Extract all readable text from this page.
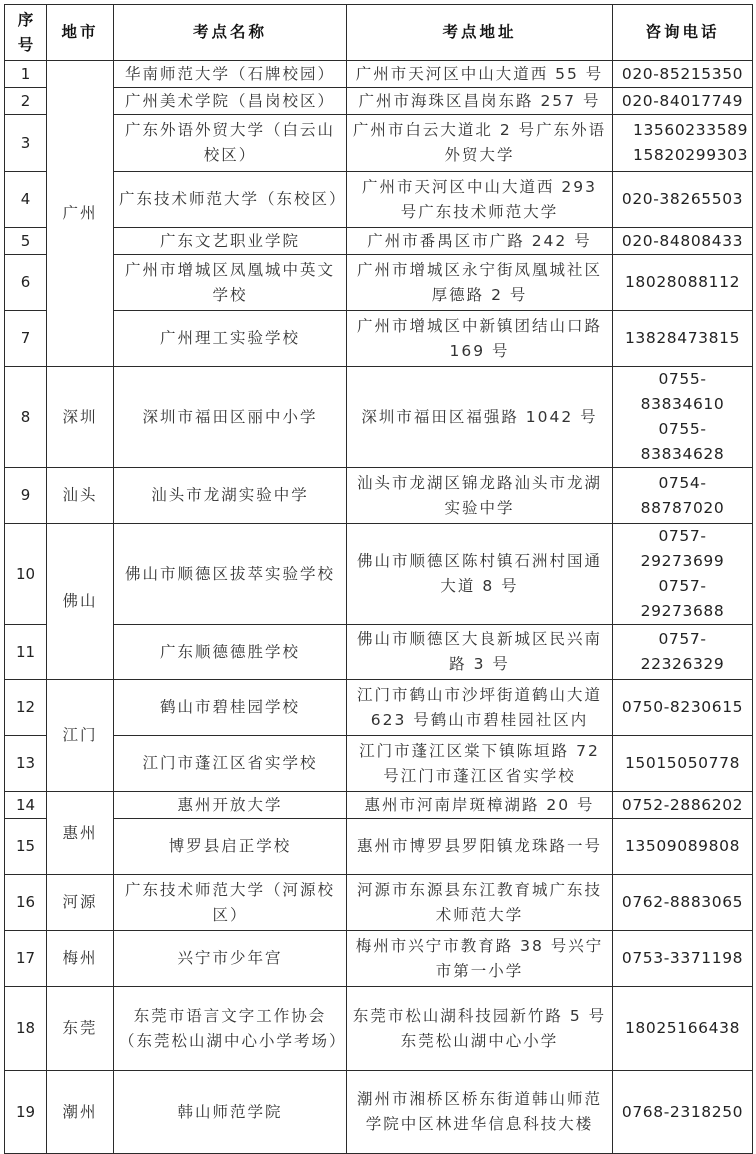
序号	地市	考点名称	考点地址	咨询电话
1	广州	华南师范大学（石牌校园）	广州市天河区中山大道西 55 号	020-85215350
2		广州美术学院（昌岗校区）	广州市海珠区昌岗东路 257 号	020-84017749
3		广东外语外贸大学（白云山校区）	广州市白云大道北 2 号广东外语外贸大学	13560233589 15820299303
4		广东技术师范大学（东校区）	广州市天河区中山大道西 293 号广东技术师范大学	020-38265503
5		广东文艺职业学院	广州市番禺区市广路 242 号	020-84808433
6		广州市增城区凤凰城中英文学校	广州市增城区永宁街凤凰城社区厚德路 2 号	18028088112
7		广州理工实验学校	广州市增城区中新镇团结山口路 169 号	13828473815
8	深圳	深圳市福田区丽中小学	深圳市福田区福强路 1042 号	0755-83834610 0755-83834628
9	汕头	汕头市龙湖实验中学	汕头市龙湖区锦龙路汕头市龙湖实验中学	0754-88787020
10	佛山	佛山市顺德区拔萃实验学校	佛山市顺德区陈村镇石洲村国通大道 8 号	0757-29273699 0757-29273688
11		广东顺德德胜学校	佛山市顺德区大良新城区民兴南路 3 号	0757-22326329
12	江门	鹤山市碧桂园学校	江门市鹤山市沙坪街道鹤山大道 623 号鹤山市碧桂园社区内	0750-8230615
13		江门市蓬江区省实学校	江门市蓬江区棠下镇陈垣路 72 号江门市蓬江区省实学校	15015050778
14	惠州	惠州开放大学	惠州市河南岸斑樟湖路 20 号	0752-2886202
15		博罗县启正学校	惠州市博罗县罗阳镇龙珠路一号	13509089808
16	河源	广东技术师范大学（河源校区）	河源市东源县东江教育城广东技术师范大学	0762-8883065
17	梅州	兴宁市少年宫	梅州市兴宁市教育路 38 号兴宁市第一小学	0753-3371198
18	东莞	东莞市语言文字工作协会（东莞松山湖中心小学考场）	东莞市松山湖科技园新竹路 5 号东莞松山湖中心小学	18025166438
19	潮州	韩山师范学院	潮州市湘桥区桥东街道韩山师范学院中区林进华信息科技大楼	0768-2318250
